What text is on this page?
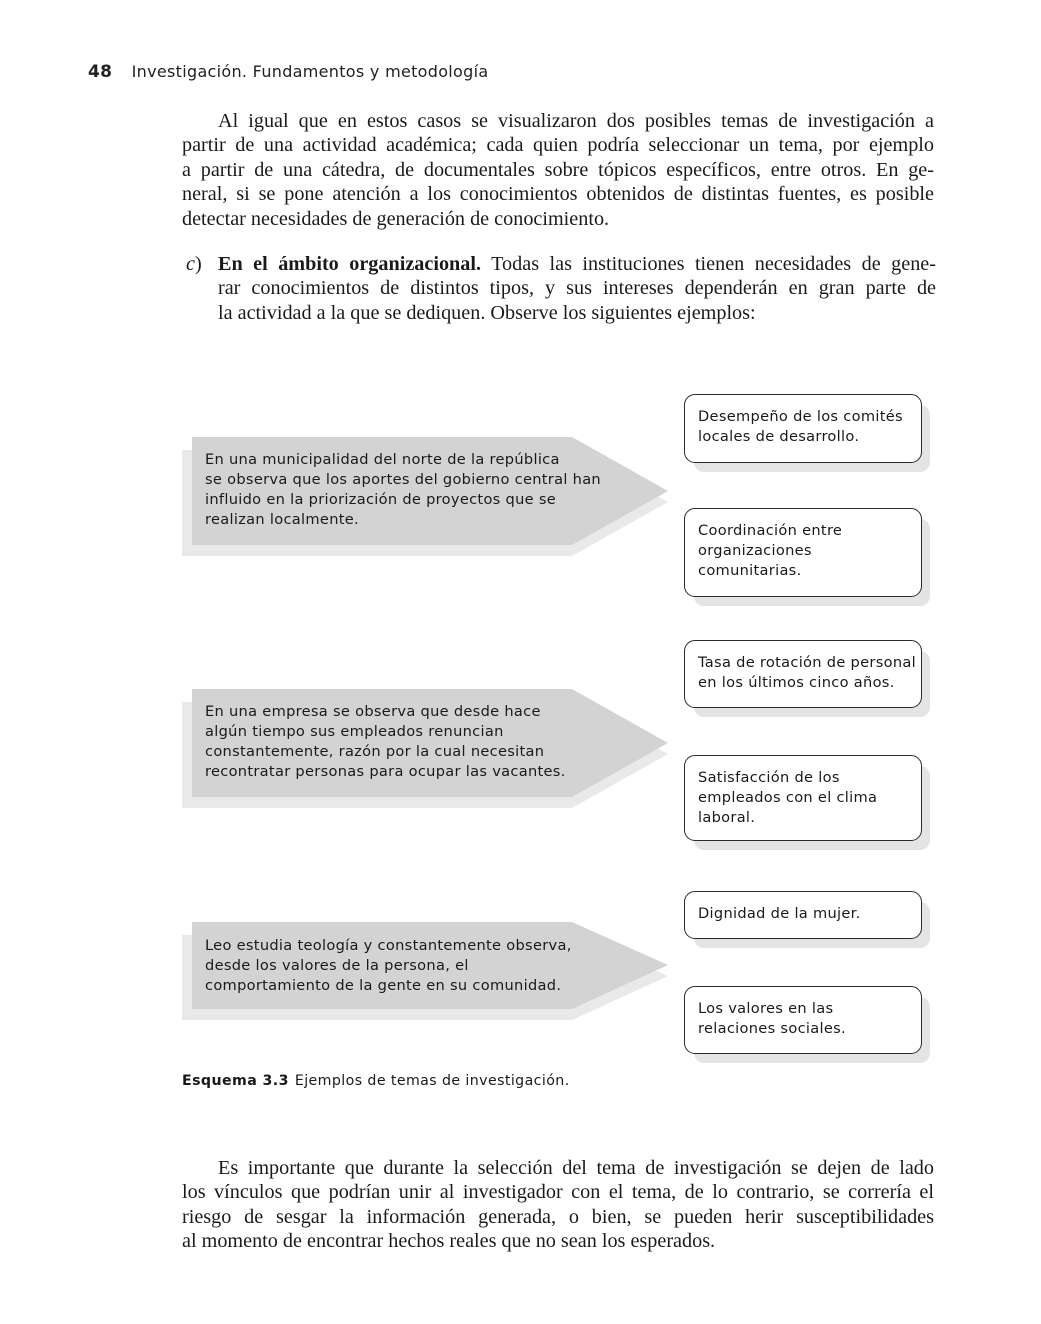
48 Investigación. Fundamentos y metodología
Al igual que en estos casos se visualizaron dos posibles temas de investigación a
partir de una actividad académica; cada quien podría seleccionar un tema, por ejemplo
a partir de una cátedra, de documentales sobre tópicos específicos, entre otros. En ge-
neral, si se pone atención a los conocimientos obtenidos de distintas fuentes, es posible
detectar necesidades de generación de conocimiento.
c) En el ámbito organizacional. Todas las instituciones tienen necesidades de gene-
rar conocimientos de distintos tipos, y sus intereses dependerán en gran parte de
la actividad a la que se dediquen. Observe los siguientes ejemplos:
En una municipalidad del norte de la república
se observa que los aportes del gobierno central han
influido en la priorización de proyectos que se
realizan localmente.
Desempeño de los comités
locales de desarrollo.
Coordinación entre
organizaciones
comunitarias.
En una empresa se observa que desde hace
algún tiempo sus empleados renuncian
constantemente, razón por la cual necesitan
recontratar personas para ocupar las vacantes.
Tasa de rotación de personal
en los últimos cinco años.
Satisfacción de los
empleados con el clima
laboral.
Leo estudia teología y constantemente observa,
desde los valores de la persona, el
comportamiento de la gente en su comunidad.
Dignidad de la mujer.
Los valores en las
relaciones sociales.
Esquema 3.3 Ejemplos de temas de investigación.
Es importante que durante la selección del tema de investigación se dejen de lado
los vínculos que podrían unir al investigador con el tema, de lo contrario, se correría el
riesgo de sesgar la información generada, o bien, se pueden herir susceptibilidades
al momento de encontrar hechos reales que no sean los esperados.
